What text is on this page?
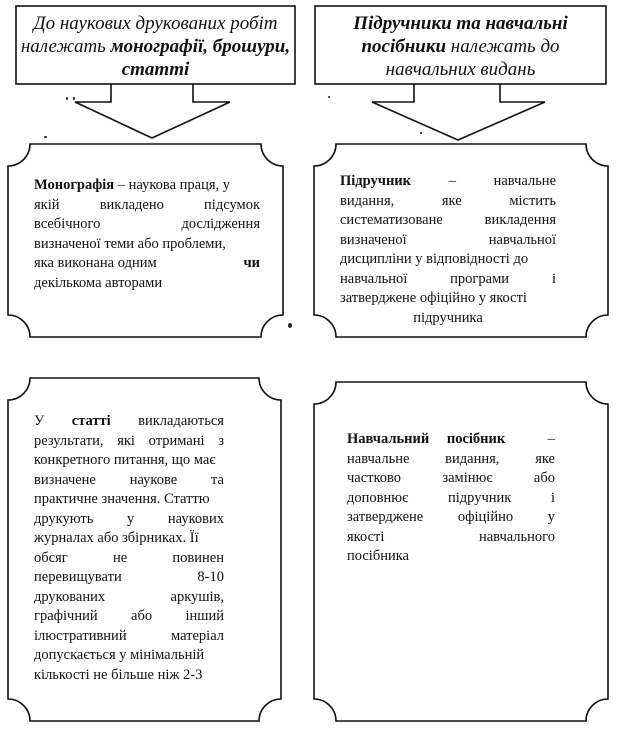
До наукових друкованих робіт
належать монографії, брошури,
статті
Підручники та навчальні
посібники належать до
навчальних видань
Монографія – наукова праця, у
якій	викладено	підсумок
всебічного	дослідження
визначеної теми або проблеми,
яка виконана одним	чи
декількома авторами
Підручник	–	навчальне
видання,	яке	містить
систематизоване	викладення
визначеної	навчальної
дисципліни у відповідності до
навчальної	програми	і
затверджене офіційно у якості
підручника
У статті викладаються
результати, які отримані з
конкретного питання, що має
визначене наукове та
практичне значення. Статтю
друкують у наукових
журналах або збірниках. Її
обсяг	не	повинен
перевищувати	8-10
друкованих	аркушів,
графічний або інший
ілюстративний	матеріал
допускається у мінімальній
кількості не більше ніж 2-3
Навчальний посібник	–
навчальне видання, яке
частково	замінює	або
доповнює	підручник	і
затверджене офіційно у
якості	навчального
посібника
